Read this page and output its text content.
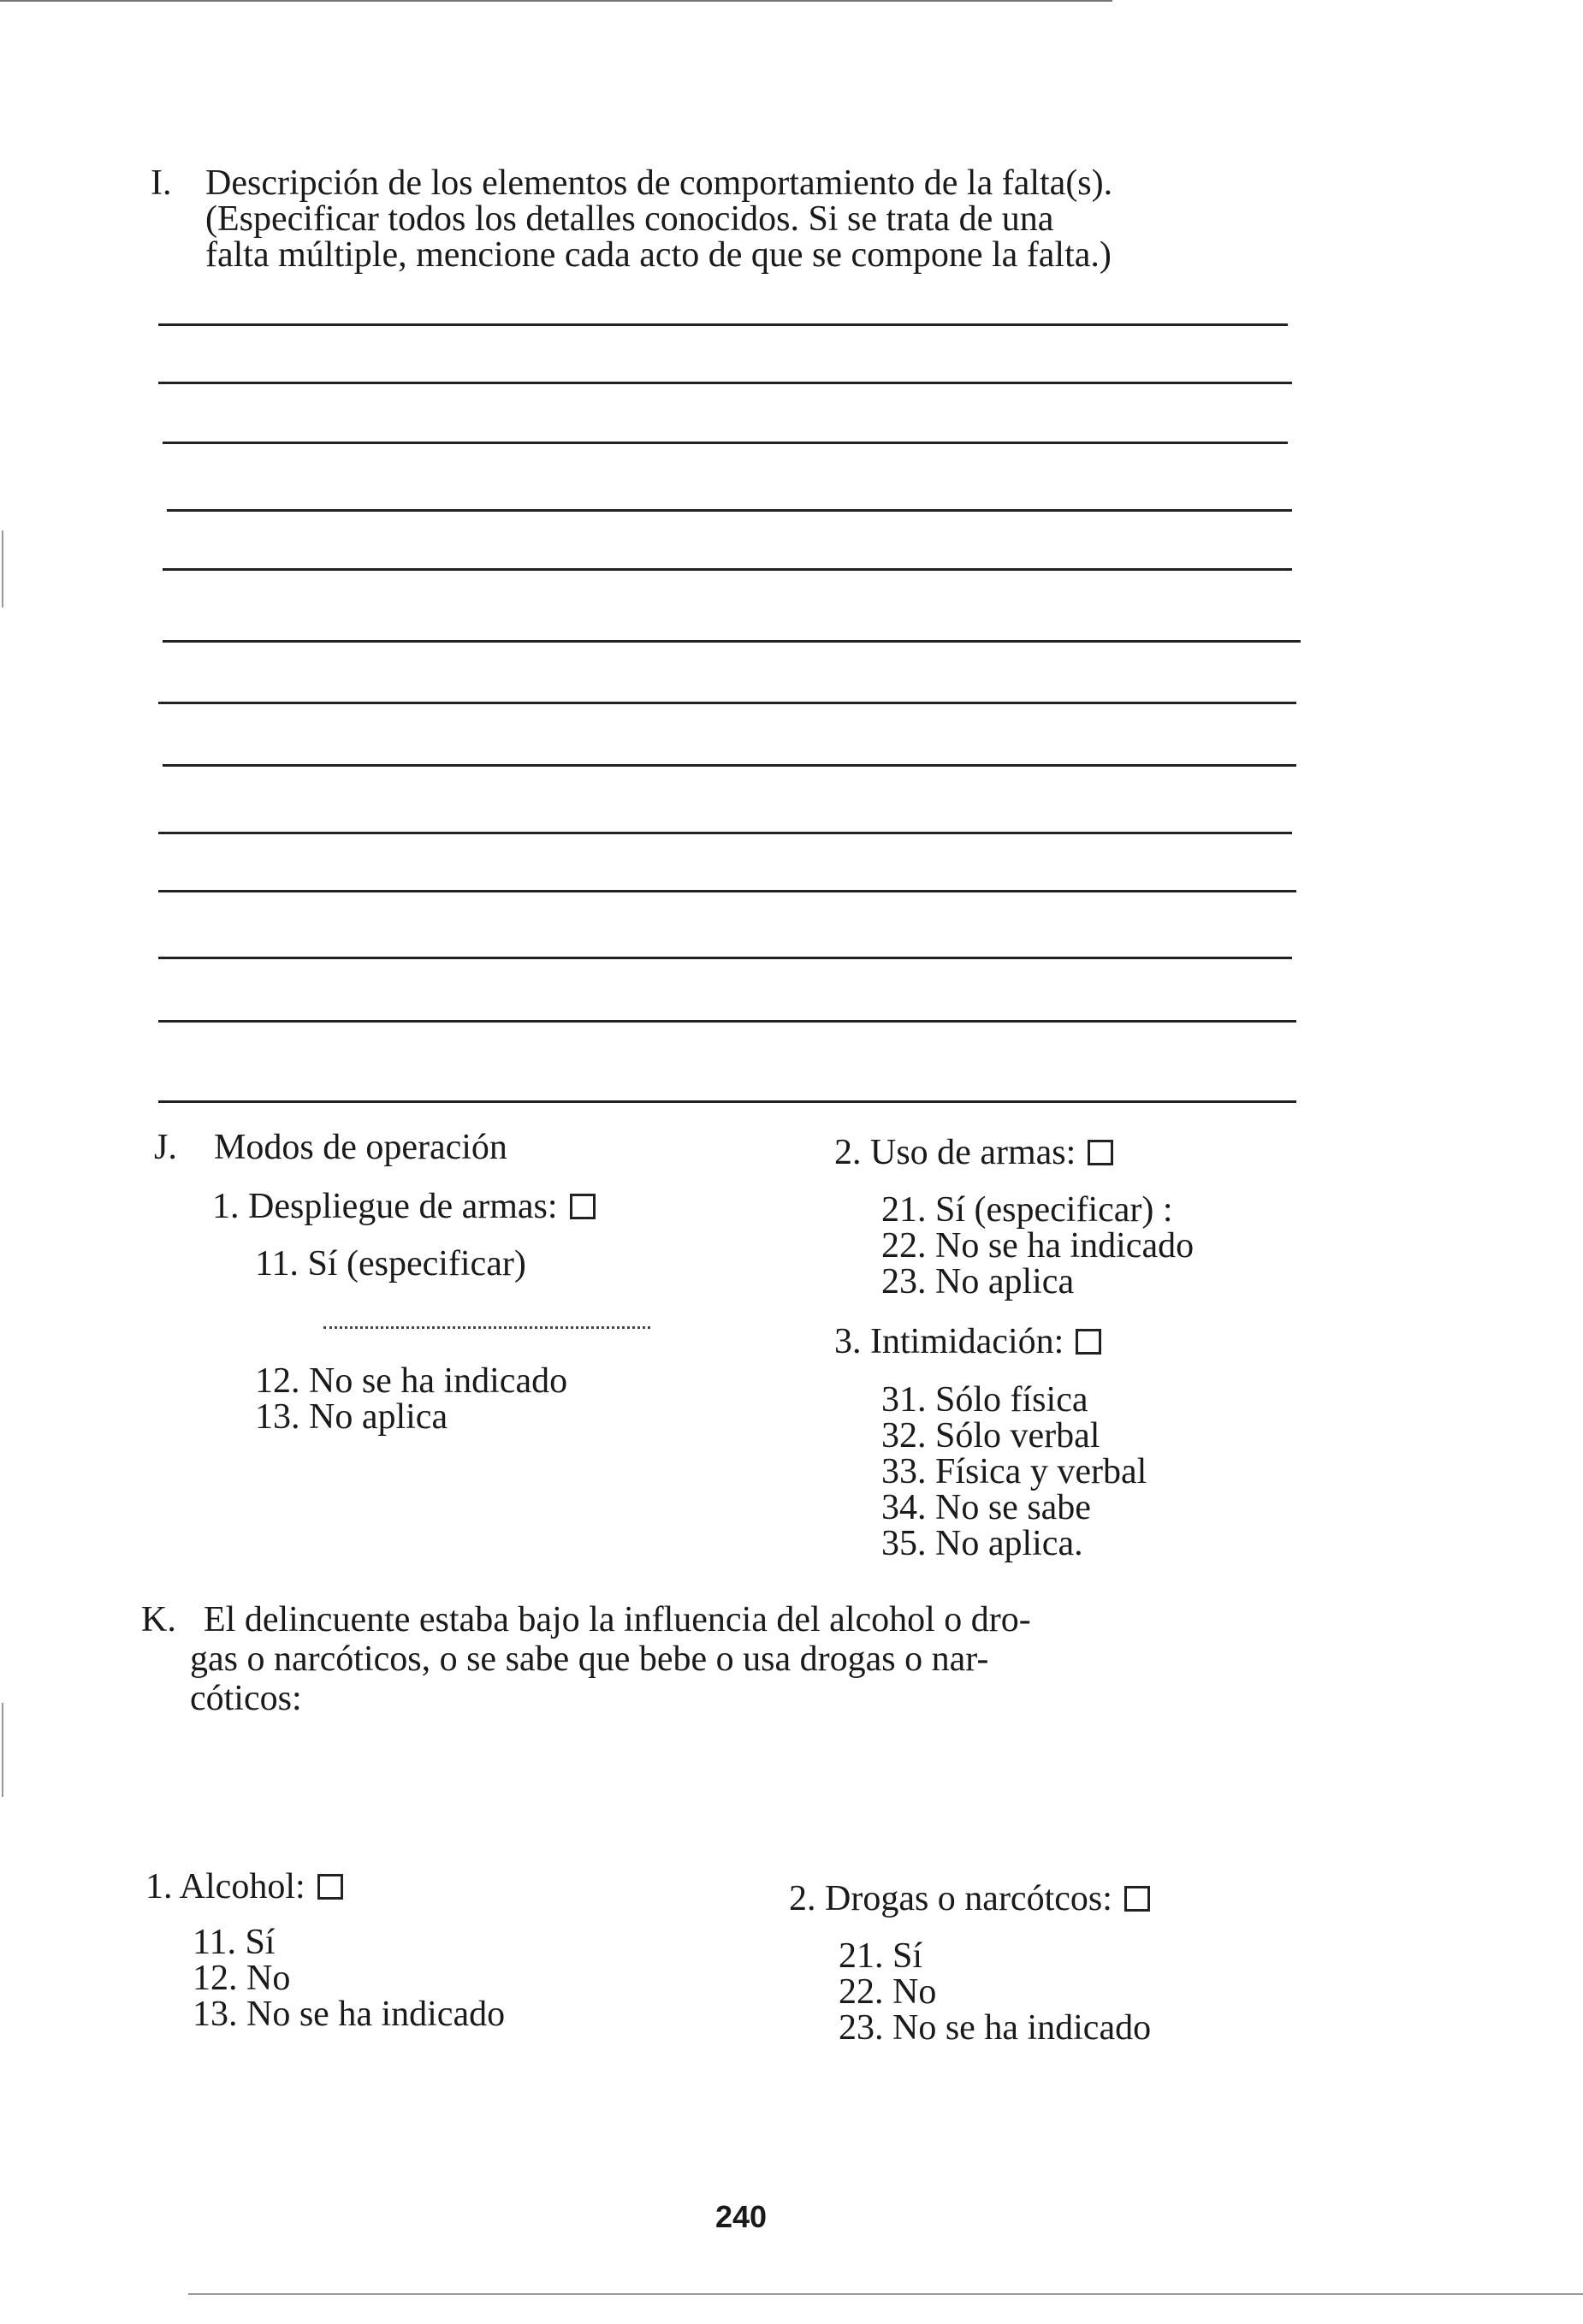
I. Descripción de los elementos de comportamiento de la falta(s).
(Especificar todos los detalles conocidos. Si se trata de una
falta múltiple, mencione cada acto de que se compone la falta.)
J. Modos de operación
1. Despliegue de armas:
11. Sí (especificar)
12. No se ha indicado
13. No aplica
2. Uso de armas:
21. Sí (especificar) :
22. No se ha indicado
23. No aplica
3. Intimidación:
31. Sólo física
32. Sólo verbal
33. Física y verbal
34. No se sabe
35. No aplica.
K. El delincuente estaba bajo la influencia del alcohol o dro-
gas o narcóticos, o se sabe que bebe o usa drogas o nar-
cóticos:
1. Alcohol:
11. Sí
12. No
13. No se ha indicado
2. Drogas o narcótcos:
21. Sí
22. No
23. No se ha indicado
240
